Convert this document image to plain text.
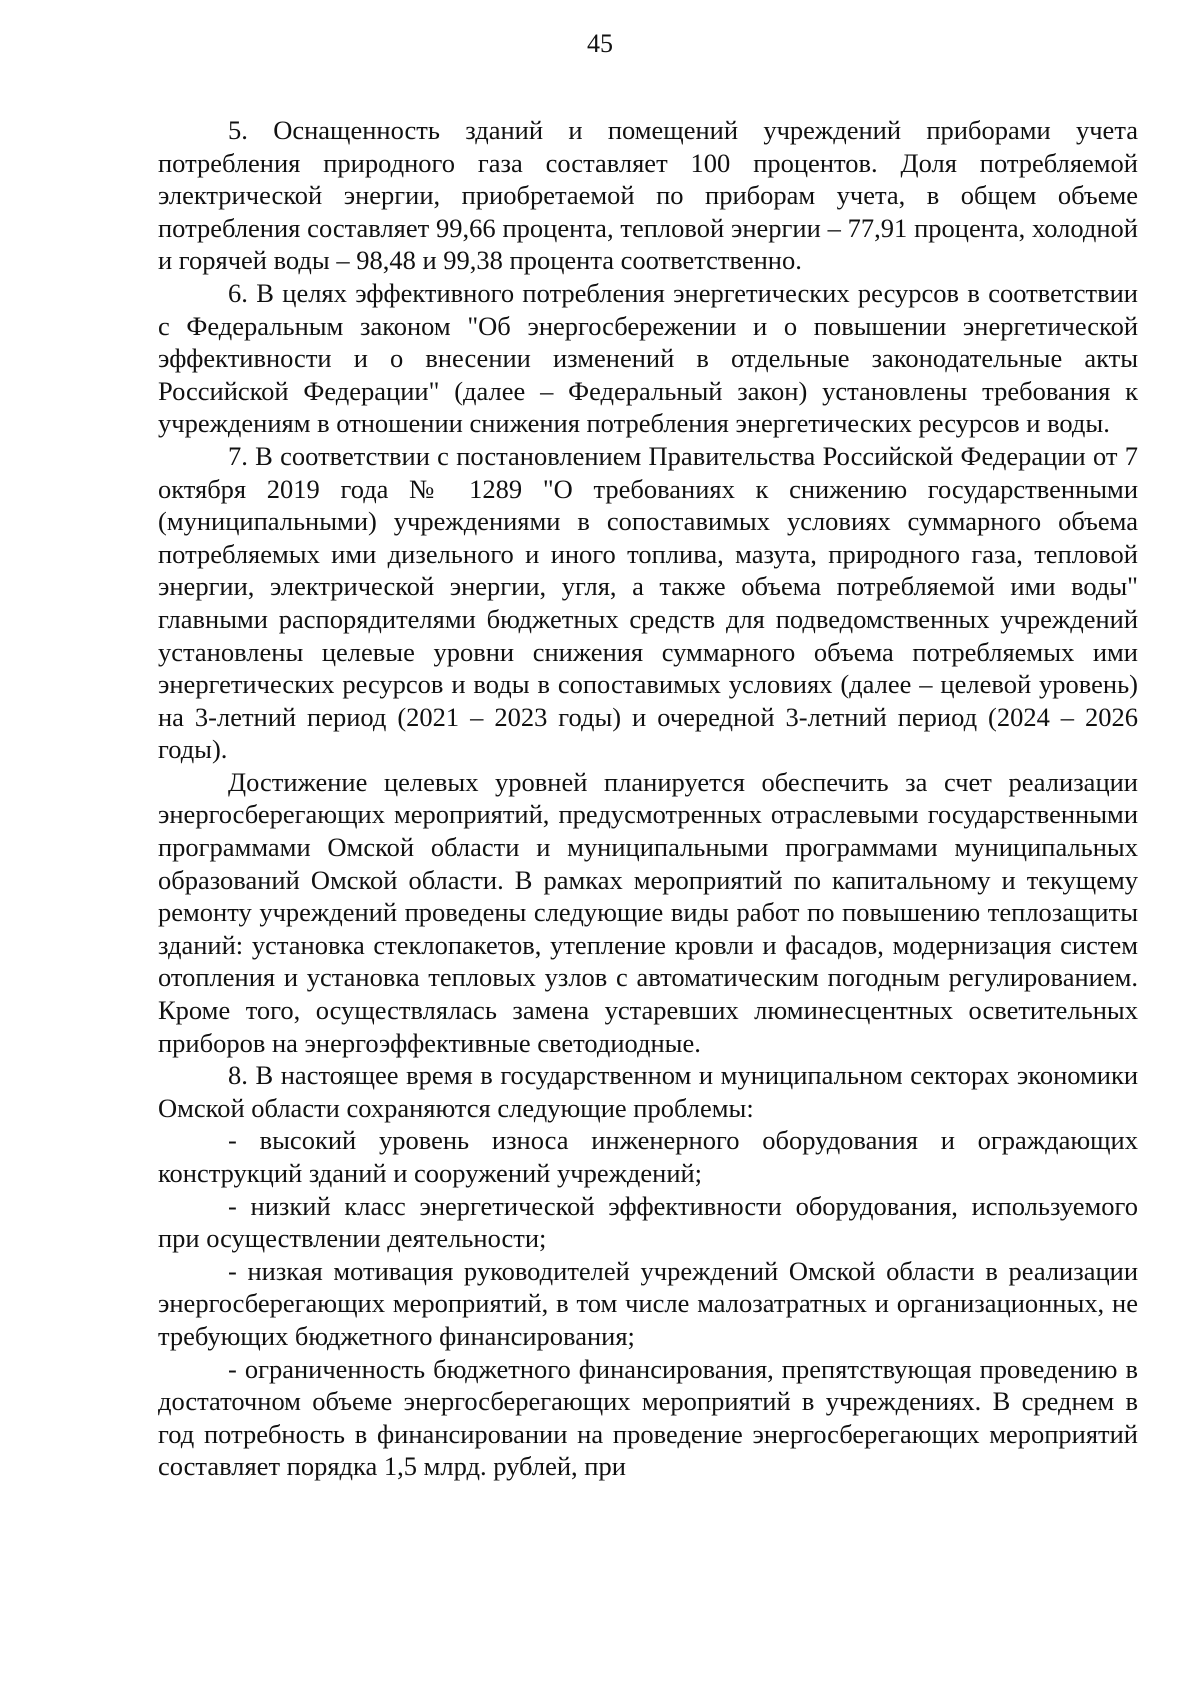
45

5. Оснащенность зданий и помещений учреждений приборами учета потребления природного газа составляет 100 процентов. Доля потребляемой электрической энергии, приобретаемой по приборам учета, в общем объеме потребления составляет 99,66 процента, тепловой энергии – 77,91 процента, холодной и горячей воды – 98,48 и 99,38 процента соответственно.

6. В целях эффективного потребления энергетических ресурсов в соответствии с Федеральным законом "Об энергосбережении и о повышении энергетической эффективности и о внесении изменений в отдельные законодательные акты Российской Федерации" (далее – Федеральный закон) установлены требования к учреждениям в отношении снижения потребления энергетических ресурсов и воды.

7. В соответствии с постановлением Правительства Российской Федерации от 7 октября 2019 года № 1289 "О требованиях к снижению государственными (муниципальными) учреждениями в сопоставимых условиях суммарного объема потребляемых ими дизельного и иного топлива, мазута, природного газа, тепловой энергии, электрической энергии, угля, а также объема потребляемой ими воды" главными распорядителями бюджетных средств для подведомственных учреждений установлены целевые уровни снижения суммарного объема потребляемых ими энергетических ресурсов и воды в сопоставимых условиях (далее – целевой уровень) на 3-летний период (2021 – 2023 годы) и очередной 3-летний период (2024 – 2026 годы).

Достижение целевых уровней планируется обеспечить за счет реализации энергосберегающих мероприятий, предусмотренных отраслевыми государственными программами Омской области и муниципальными программами муниципальных образований Омской области. В рамках мероприятий по капитальному и текущему ремонту учреждений проведены следующие виды работ по повышению теплозащиты зданий: установка стеклопакетов, утепление кровли и фасадов, модернизация систем отопления и установка тепловых узлов с автоматическим погодным регулированием. Кроме того, осуществлялась замена устаревших люминесцентных осветительных приборов на энергоэффективные светодиодные.

8. В настоящее время в государственном и муниципальном секторах экономики Омской области сохраняются следующие проблемы:

- высокий уровень износа инженерного оборудования и ограждающих конструкций зданий и сооружений учреждений;

- низкий класс энергетической эффективности оборудования, используемого при осуществлении деятельности;

- низкая мотивация руководителей учреждений Омской области в реализации энергосберегающих мероприятий, в том числе малозатратных и организационных, не требующих бюджетного финансирования;

- ограниченность бюджетного финансирования, препятствующая проведению в достаточном объеме энергосберегающих мероприятий в учреждениях. В среднем в год потребность в финансировании на проведение энергосберегающих мероприятий составляет порядка 1,5 млрд. рублей, при
